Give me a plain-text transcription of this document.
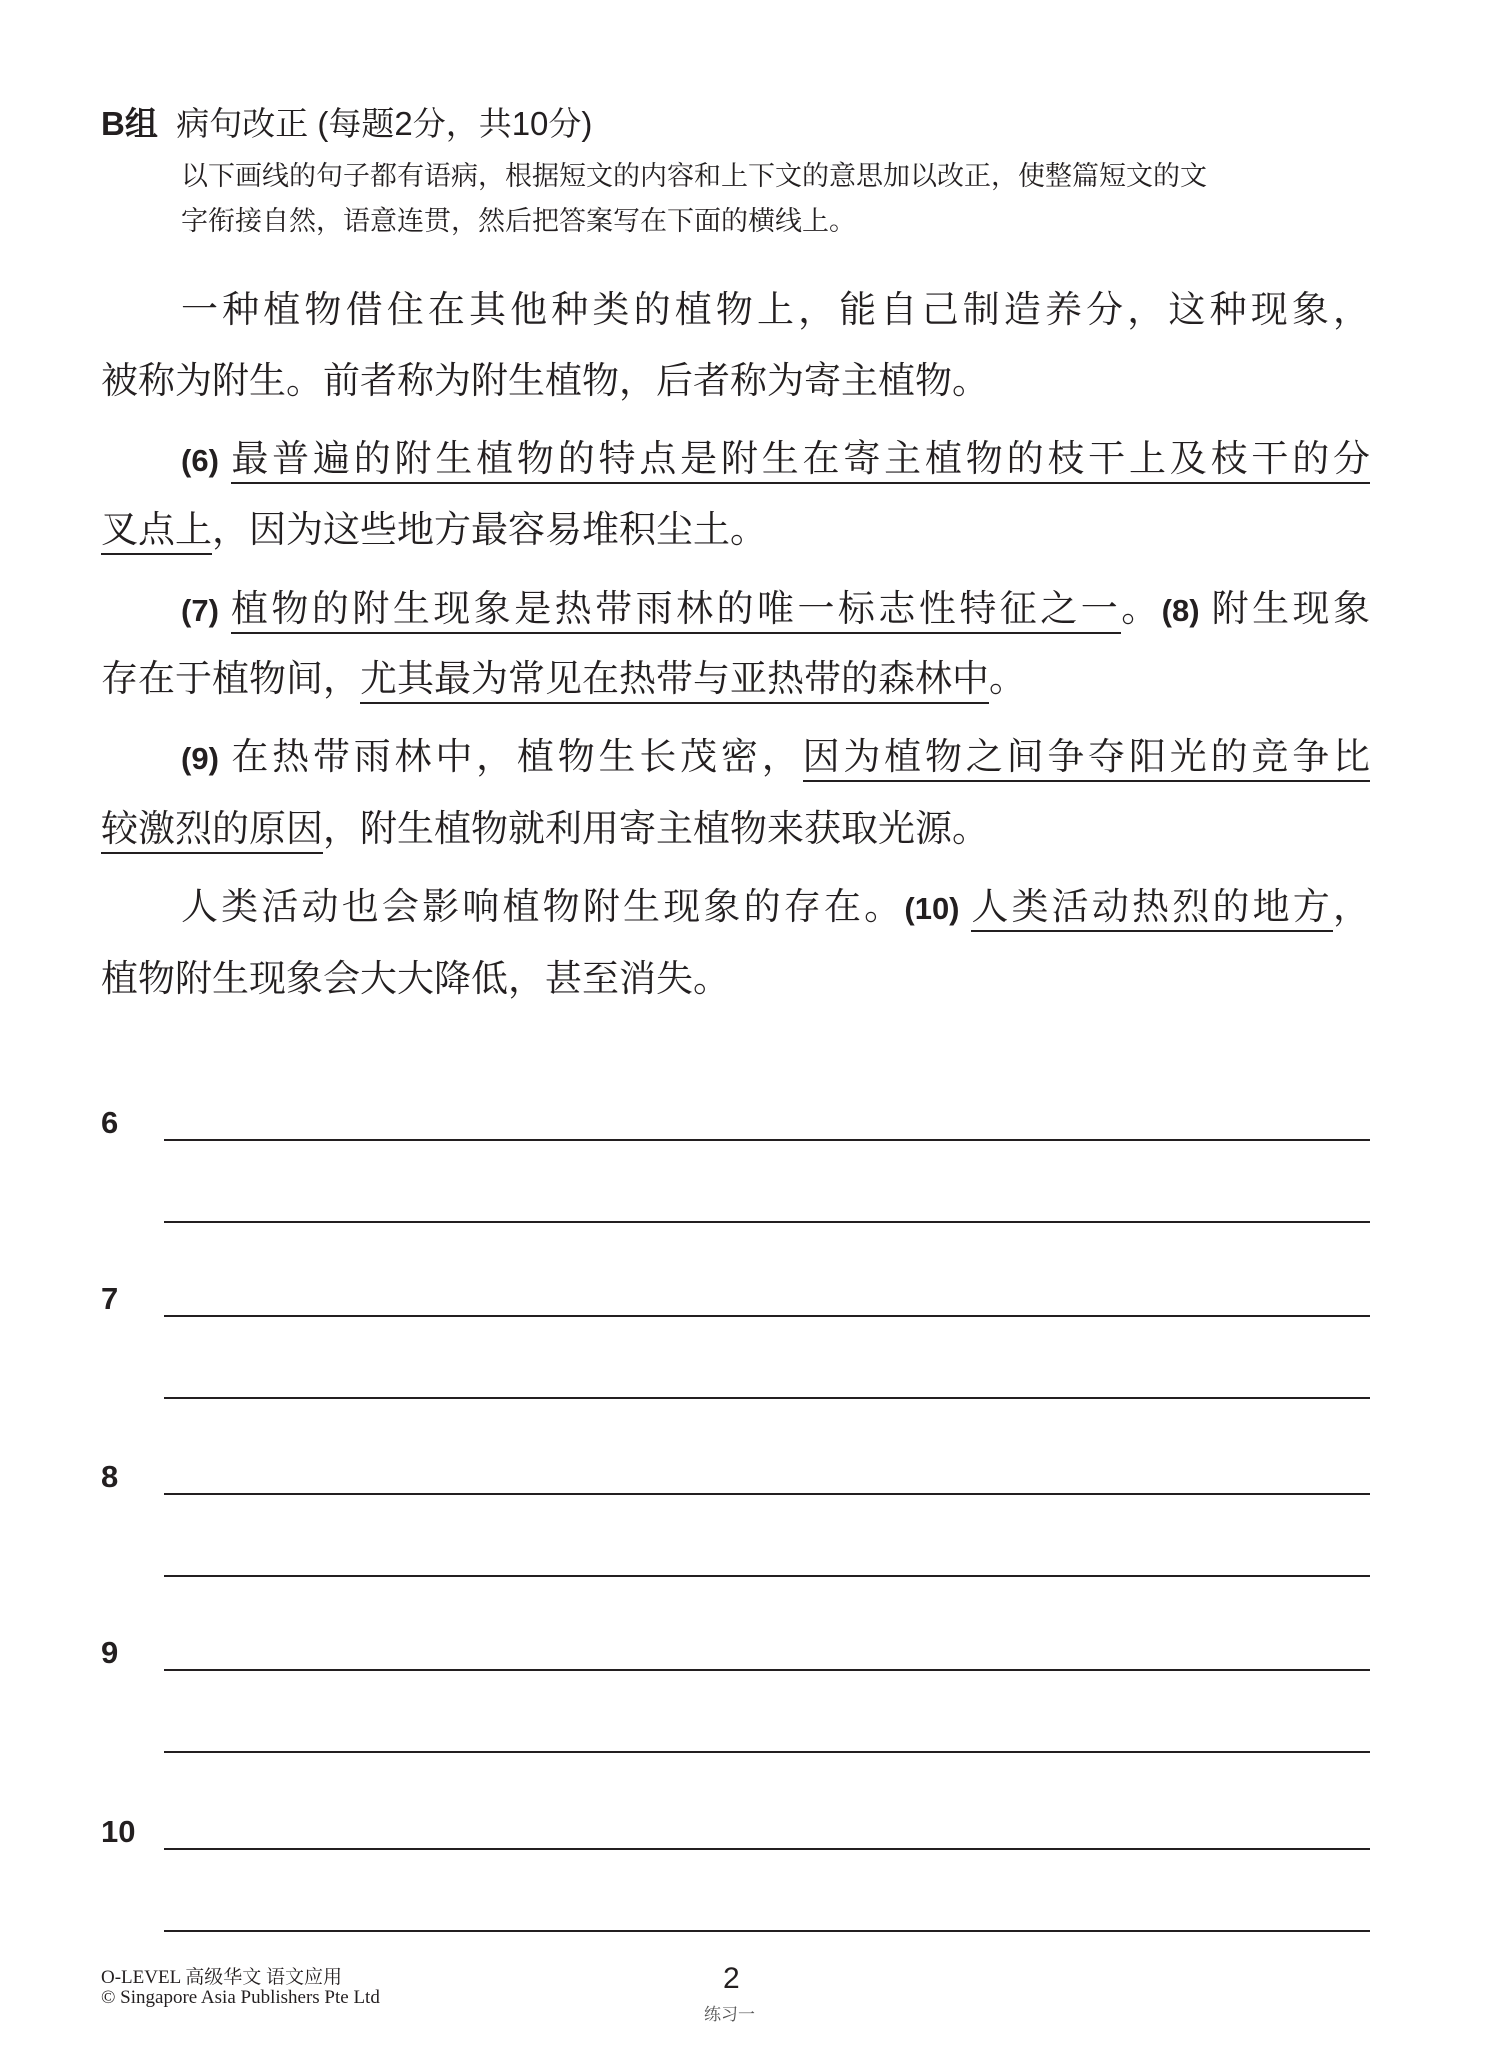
B组 病句改正 (每题2分，共10分)
以下画线的句子都有语病，根据短文的内容和上下文的意思加以改正，使整篇短文的文
字衔接自然，语意连贯，然后把答案写在下面的横线上。
一种植物借住在其他种类的植物上，能自己制造养分，这种现象，
被称为附生。前者称为附生植物，后者称为寄主植物。
(6) 最普遍的附生植物的特点是附生在寄主植物的枝干上及枝干的分
叉点上，因为这些地方最容易堆积尘土。
(7) 植物的附生现象是热带雨林的唯一标志性特征之一。(8) 附生现象
存在于植物间，尤其最为常见在热带与亚热带的森林中。
(9) 在热带雨林中，植物生长茂密，因为植物之间争夺阳光的竞争比
较激烈的原因，附生植物就利用寄主植物来获取光源。
人类活动也会影响植物附生现象的存在。(10) 人类活动热烈的地方，
植物附生现象会大大降低，甚至消失。
6
7
8
9
10
O-LEVEL 高级华文 语文应用
© Singapore Asia Publishers Pte Ltd
2
练习一
